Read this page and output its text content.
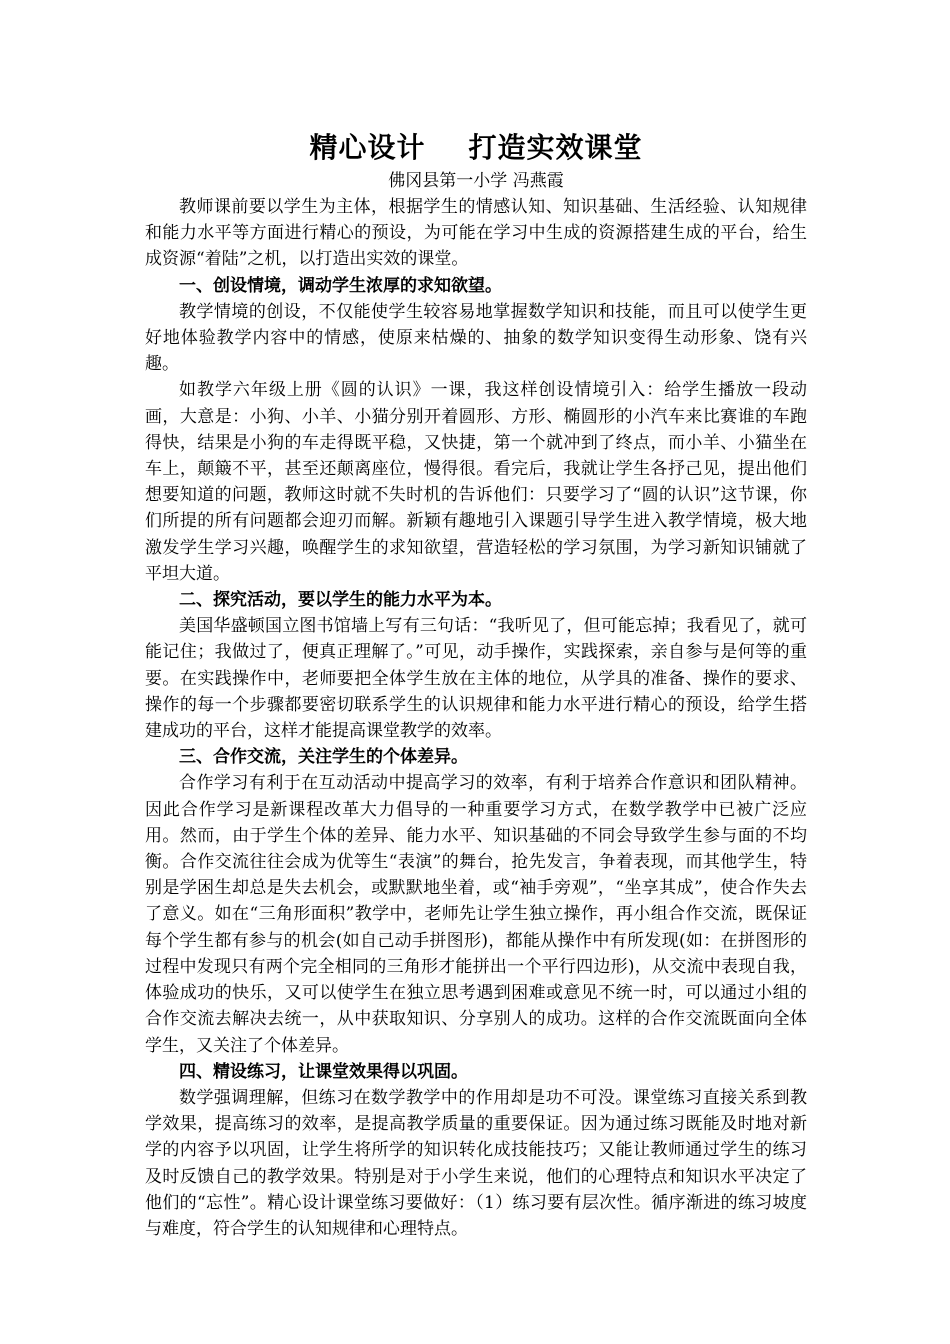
精心设计    打造实效课堂

佛冈县第一小学 冯燕霞

教师课前要以学生为主体，根据学生的情感认知、知识基础、生活经验、认知规律和能力水平等方面进行精心的预设，为可能在学习中生成的资源搭建生成的平台，给生成资源“着陆”之机，以打造出实效的课堂。

一、创设情境，调动学生浓厚的求知欲望。

教学情境的创设，不仅能使学生较容易地掌握数学知识和技能，而且可以使学生更好地体验教学内容中的情感，使原来枯燥的、抽象的数学知识变得生动形象、饶有兴趣。

如教学六年级上册《圆的认识》一课，我这样创设情境引入：给学生播放一段动画，大意是：小狗、小羊、小猫分别开着圆形、方形、椭圆形的小汽车来比赛谁的车跑得快，结果是小狗的车走得既平稳，又快捷，第一个就冲到了终点，而小羊、小猫坐在车上，颠簸不平，甚至还颠离座位，慢得很。看完后，我就让学生各抒己见，提出他们想要知道的问题，教师这时就不失时机的告诉他们：只要学习了“圆的认识”这节课，你们所提的所有问题都会迎刃而解。新颖有趣地引入课题引导学生进入教学情境，极大地激发学生学习兴趣，唤醒学生的求知欲望，营造轻松的学习氛围，为学习新知识铺就了平坦大道。

二、探究活动，要以学生的能力水平为本。

美国华盛顿国立图书馆墙上写有三句话：“我听见了，但可能忘掉；我看见了，就可能记住；我做过了，便真正理解了。”可见，动手操作，实践探索，亲自参与是何等的重要。在实践操作中，老师要把全体学生放在主体的地位，从学具的准备、操作的要求、操作的每一个步骤都要密切联系学生的认识规律和能力水平进行精心的预设，给学生搭建成功的平台，这样才能提高课堂教学的效率。

三、合作交流，关注学生的个体差异。

合作学习有利于在互动活动中提高学习的效率，有利于培养合作意识和团队精神。因此合作学习是新课程改革大力倡导的一种重要学习方式，在数学教学中已被广泛应用。然而，由于学生个体的差异、能力水平、知识基础的不同会导致学生参与面的不均衡。合作交流往往会成为优等生“表演”的舞台，抢先发言，争着表现，而其他学生，特别是学困生却总是失去机会，或默默地坐着，或“袖手旁观”，“坐享其成”，使合作失去了意义。如在“三角形面积”教学中，老师先让学生独立操作，再小组合作交流，既保证每个学生都有参与的机会(如自己动手拼图形)，都能从操作中有所发现(如：在拼图形的过程中发现只有两个完全相同的三角形才能拼出一个平行四边形)，从交流中表现自我，体验成功的快乐，又可以使学生在独立思考遇到困难或意见不统一时，可以通过小组的合作交流去解决去统一，从中获取知识、分享别人的成功。这样的合作交流既面向全体学生，又关注了个体差异。

四、精设练习，让课堂效果得以巩固。

数学强调理解，但练习在数学教学中的作用却是功不可没。课堂练习直接关系到教学效果，提高练习的效率，是提高教学质量的重要保证。因为通过练习既能及时地对新学的内容予以巩固，让学生将所学的知识转化成技能技巧；又能让教师通过学生的练习及时反馈自己的教学效果。特别是对于小学生来说，他们的心理特点和知识水平决定了他们的“忘性”。精心设计课堂练习要做好：（1）练习要有层次性。循序渐进的练习坡度与难度，符合学生的认知规律和心理特点。
